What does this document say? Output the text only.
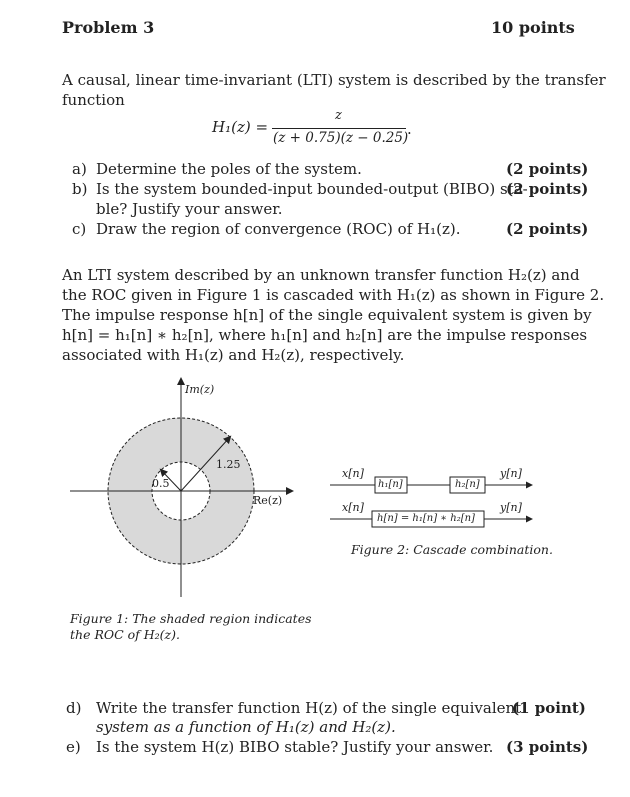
Problem 3	10 points
A causal, linear time-invariant (LTI) system is described by the transfer
function
H₁(z) =
z
(z + 0.75)(z − 0.25)
.
a) Determine the poles of the system.	(2 points)
b) Is the system bounded-input bounded-output (BIBO) sta-
ble? Justify your answer.
(2 points)
c) Draw the region of convergence (ROC) of H₁(z).	(2 points)
An LTI system described by an unknown transfer function H₂(z) and
the ROC given in Figure 1 is cascaded with H₁(z) as shown in Figure 2.
The impulse response h[n] of the single equivalent system is given by
h[n] = h₁[n] ∗ h₂[n], where h₁[n] and h₂[n] are the impulse responses
associated with H₁(z) and H₂(z), respectively.
Im(z)
Re(z)
0.5
1.25
Figure 1: The shaded region indicates
the ROC of H₂(z).
x[n]
h₁[n]	h₂[n]
y[n]
x[n]
h[n] = h₁[n] ∗ h₂[n]
y[n]
Figure 2: Cascade combination.
d) Write the transfer function H(z) of the single equivalent
system as a function of H₁(z) and H₂(z).
(1 point)
e) Is the system H(z) BIBO stable? Justify your answer. (3 points)
